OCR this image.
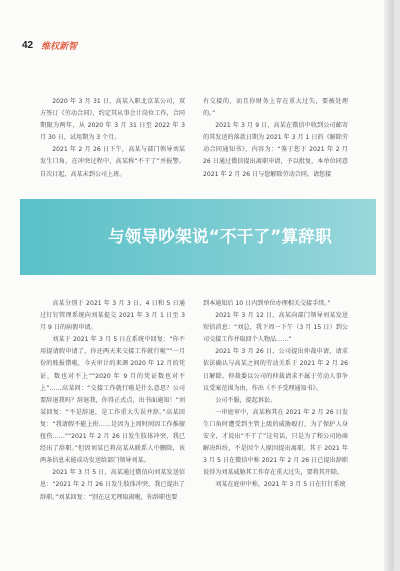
42 维权新智

2020 年 3 月 31 日，高某入职北京某公司，双方签订《劳动合同》，约定其从事会计岗位工作，合同期限为两年，从 2020 年 3 月 31 日至 2022 年 3 月 30 日，试用期为 3 个月。

2021 年 2 月 26 日下午，高某与部门领导刘某发生口角，在冲突过程中，高某称“不干了”并报警。自次日起，高某未到公司上班。

有交接的，而且你财务上存在重大过失，要被处理的。”

2021 年 3 月 9 日，高某在微信中收到公司邮寄的其发送的落款日期为 2021 年 3 月 1 日的《解除劳动合同通知书》，内容为：“鉴于您于 2021 年 2 月 26 日通过微信提出离职申请，予以批复，本单位同意 2021 年 2 月 26 日与您解除劳动合同。请您接

与领导吵架说“不干了”算辞职

高某分别于 2021 年 3 月 3 日、4 日和 5 日通过钉钉管理系统向刘某提交 2021 年 3 月 1 日至 3 月 9 日的病假申请。

刘某于 2021 年 3 月 5 日在系统中回复：“你不用提请假申请了，你还两天来交接工作就行啦”“一月份的账报错啦，今天审计的来调 2020 年 12 月的凭证，数也对不上”“2020 年 9 月的凭证数也对不上”……高某问：“交接工作就行啦是什么意思？公司要辞退我吗？辞退我，你得正式点，出书面通知！”刘某回复：“不是辞退，是工作重大失误并辞。”高某回复：“我请假不能上班……是因为上周时间因工作推擅扭伤……”“2021 年 2 月 26 日发生肢体冲突，我已经出了辞职。”但因刘某已将高某从联系人中删除，该两条信息未能成功发送给部门领导刘某。

2021 年 3 月 5 日，高某通过微信向刘某发送信息：“2021 年 2 月 26 日发生肢体冲突，我已提出了辞职。”刘某回复：“别在这无理取闹啦，你辞职也要

到本通知后 10 日内到单位办理相关交接手续。”

2021 年 3 月 12 日，高某向部门领导刘某发送短信消息：“刘总，我下周一下午（3 月 15 日）到公司交接工作并取回个人物品……”

2021 年 3 月 26 日，公司提出仲裁申请，请求依法确认与高某之间的劳动关系于 2021 年 2 月 26 日解除。仲裁委以公司的仲裁请求不属于劳动人事争议受案范围为由，作出《不予受理通知书》。

公司不服，提起诉讼。

一审庭审中，高某称其在 2021 年 2 月 26 日发生口角时遭受到主管上级的威胁殴打，为了保护人身安全，才说出“不干了”这句话，只是为了和公司协商解决纠纷，不是因个人原因提出离职。其于 2021 年 3 月 5 日在微信中称 2021 年 2 月 26 日已提出辞职说得为刘某威胁其工作存在重大过失，要将其开除。

刘某在庭审中称，2021 年 3 月 5 日在钉钉系统
